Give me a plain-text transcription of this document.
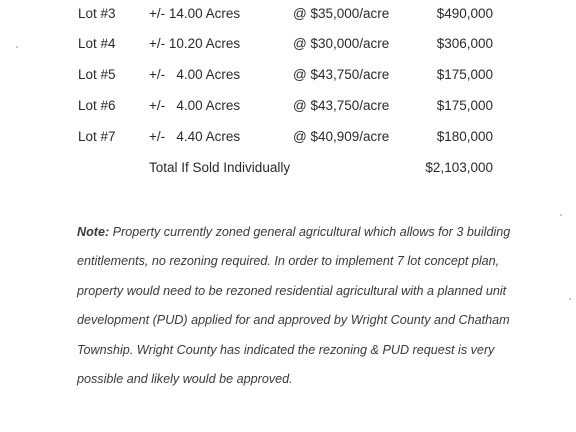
Lot #3 +/- 14.00 Acres	@ $35,000/acre	$490,000
Lot #4 +/- 10.20 Acres	@ $30,000/acre	$306,000
Lot #5 +/-   4.00 Acres	@ $43,750/acre	$175,000
Lot #6 +/-   4.00 Acres	@ $43,750/acre	$175,000
Lot #7 +/-   4.40 Acres	@ $40,909/acre	$180,000
Total If Sold Individually	$2,103,000
Note: Property currently zoned general agricultural which allows for 3 building
entitlements, no rezoning required. In order to implement 7 lot concept plan,
property would need to be rezoned residential agricultural with a planned unit
development (PUD) applied for and approved by Wright County and Chatham
Township. Wright County has indicated the rezoning & PUD request is very
possible and likely would be approved.
